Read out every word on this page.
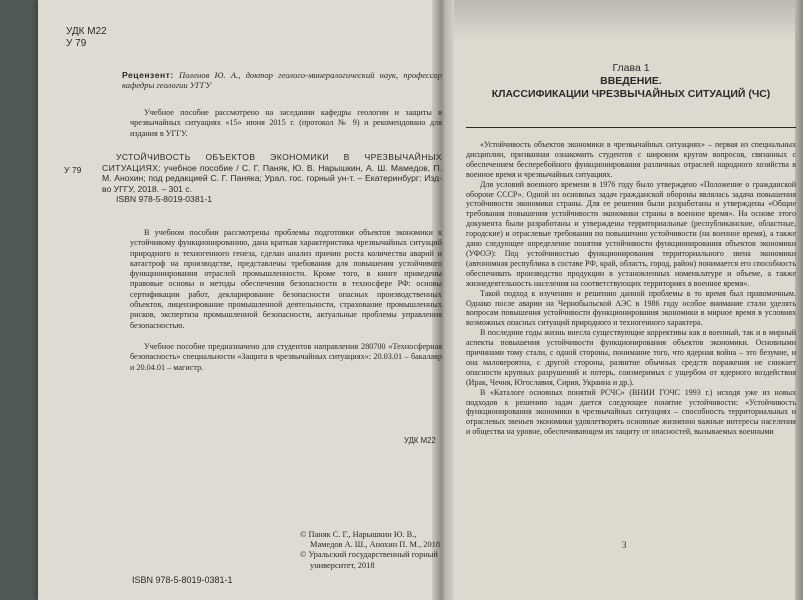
УДК М22
У 79
Рецензент: Поленов Ю. А., доктор геолого-минералогический наук, профессор кафедры геологии УГГУ
Учебное пособие рассмотрено на заседании кафедры геологии и защиты в чрезвычайных ситуациях «15» июня 2015 г. (протокол № 9) и рекомендовано для издания в УГГУ.
У 79

УСТОЙЧИВОСТЬ ОБЪЕКТОВ ЭКОНОМИКИ В ЧРЕЗВЫЧАЙНЫХ СИТУАЦИЯХ: учебное пособие / С. Г. Паняк, Ю. В. Нарышкин, А. Ш. Мамедов, П. М. Анохин; под редакцией С. Г. Паняка; Урал. гос. горный ун-т. – Екатеринбург: Изд-во УГГУ, 2018. – 301 с.

ISBN 978-5-8019-0381-1

В учебном пособии рассмотрены проблемы подготовки объектов экономики к устойчивому функционированию, дана краткая характеристика чрезвычайных ситуаций природного и техногенного генеза, сделан анализ причин роста количества аварий и катастроф на производстве, представлены требования для повышения устойчивого функционирования отраслей промышленности. Кроме того, в книге приведены правовые основы и методы обеспечения безопасности в техносфере РФ: основы сертификации работ, декларирование безопасности опасных производственных объектов, лицензирование промышленной деятельности, страхование промышленных рисков, экспертиза промышленной безопасности, актуальные проблемы управления безопасностью.
Учебное пособие предназначено для студентов направления 280700 «Техносферная безопасность» специальности «Защита в чрезвычайных ситуациях»: 20.03.01 – бакалавр и 20.04.01 – магистр.
УДК М22
© Паняк С. Г., Нарышкин Ю. В.,
Мамедов А. Ш., Анохин П. М., 2018
© Уральский государственный горный
университет, 2018
ISBN 978-5-8019-0381-1
Глава 1
ВВЕДЕНИЕ.
КЛАССИФИКАЦИИ ЧРЕЗВЫЧАЙНЫХ СИТУАЦИЙ (ЧС)

«Устойчивость объектов экономики в чрезвычайных ситуациях» – первая из специальных дисциплин, призванная ознакомить студентов с широким кругом вопросов, связанных с обеспечением бесперебойного функционирования различных отраслей народного хозяйства в военное время и чрезвычайных ситуациях.

Для условий военного времени в 1976 году было утверждено «Положение о гражданской обороне СССР». Одной из основных задач гражданской обороны являлась задача повышения устойчивости экономики страны. Для ее решения были разработаны и утверждены «Общие требования повышения устойчивости экономики страны в военное время». На основе этого документа были разработаны и утверждены территориальные (республиканские, областные, городские) и отраслевые требования по повышению устойчивости (на военное время), а также дано следующее определение понятия устойчивости функционирования объектов экономики (УФОЭ): Под устойчивостью функционирования территориального звена экономики (автономная республика в составе РФ, край, область, город, район) понимается его способность обеспечивать производство продукции в установленных номенклатуре и объеме, а также жизнедеятельность населения на соответствующих территориях в военное время».

Такой подход к изучению и решению данной проблемы в то время был правомочным. Однако после аварии на Чернобыльской АЭС в 1986 году особое внимание стали уделять вопросам повышения устойчивости функционирования экономики в мирное время в условиях возможных опасных ситуаций природного и техногенного характера.

В последние годы жизнь внесла существующие коррективы как в военный, так и в мирный аспекты повышения устойчивости функционирования объектов экономики. Основными причинами тому стали, с одной стороны, понимание того, что ядерная война – это безумие, и она маловероятна, с другой стороны, развитие обычных средств поражения не снижает опасности крупных разрушений и потерь, соизмеримых с ущербом от ядерного воздействия (Ирак, Чечня, Югославия, Сирия, Украина и др.).

В «Каталоге основных понятий РСЧС» (ВНИИ ГОЧС 1993 г.) исходя уже из новых подходов к решению задач дается следующее понятие устойчивости: «Устойчивость функционирования экономики в чрезвычайных ситуациях – способность территориальных и отраслевых звеньев экономики удовлетворять основные жизненно важные интересы населения и общества на уровне, обеспечивающем их защиту от опасностей, вызываемых военными

3
